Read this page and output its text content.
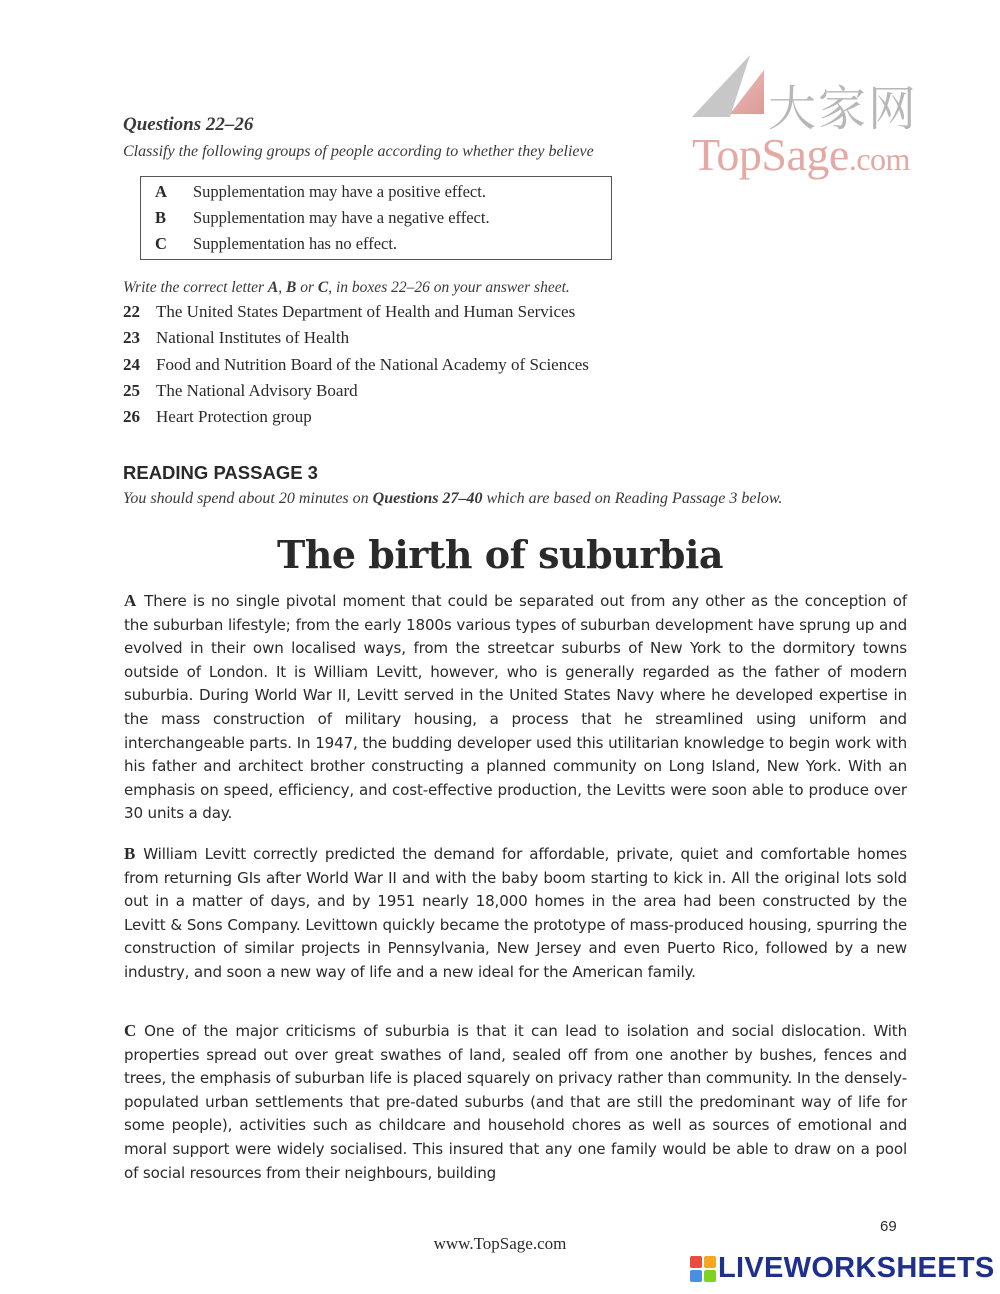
大家网
TopSage.com
Questions 22–26
Classify the following groups of people according to whether they believe
A Supplementation may have a positive effect.
B Supplementation may have a negative effect.
C Supplementation has no effect.
Write the correct letter A, B or C, in boxes 22–26 on your answer sheet.
22 The United States Department of Health and Human Services
23 National Institutes of Health
24 Food and Nutrition Board of the National Academy of Sciences
25 The National Advisory Board
26 Heart Protection group
READING PASSAGE 3
You should spend about 20 minutes on Questions 27–40 which are based on Reading Passage 3 below.
The birth of suburbia
A There is no single pivotal moment that could be separated out from any other as the conception of the suburban lifestyle; from the early 1800s various types of suburban development have sprung up and evolved in their own localised ways, from the streetcar suburbs of New York to the dormitory towns outside of London. It is William Levitt, however, who is generally regarded as the father of modern suburbia. During World War II, Levitt served in the United States Navy where he developed expertise in the mass construction of military housing, a process that he streamlined using uniform and interchangeable parts. In 1947, the budding developer used this utilitarian knowledge to begin work with his father and architect brother constructing a planned community on Long Island, New York. With an emphasis on speed, efficiency, and cost-effective production, the Levitts were soon able to produce over 30 units a day.
B William Levitt correctly predicted the demand for affordable, private, quiet and comfortable homes from returning GIs after World War II and with the baby boom starting to kick in. All the original lots sold out in a matter of days, and by 1951 nearly 18,000 homes in the area had been constructed by the Levitt & Sons Company. Levittown quickly became the prototype of mass-produced housing, spurring the construction of similar projects in Pennsylvania, New Jersey and even Puerto Rico, followed by a new industry, and soon a new way of life and a new ideal for the American family.
C One of the major criticisms of suburbia is that it can lead to isolation and social dislocation. With properties spread out over great swathes of land, sealed off from one another by bushes, fences and trees, the emphasis of suburban life is placed squarely on privacy rather than community. In the densely-populated urban settlements that pre-dated suburbs (and that are still the predominant way of life for some people), activities such as childcare and household chores as well as sources of emotional and moral support were widely socialised. This insured that any one family would be able to draw on a pool of social resources from their neighbours, building
69
www.TopSage.com
LIVEWORKSHEETS
